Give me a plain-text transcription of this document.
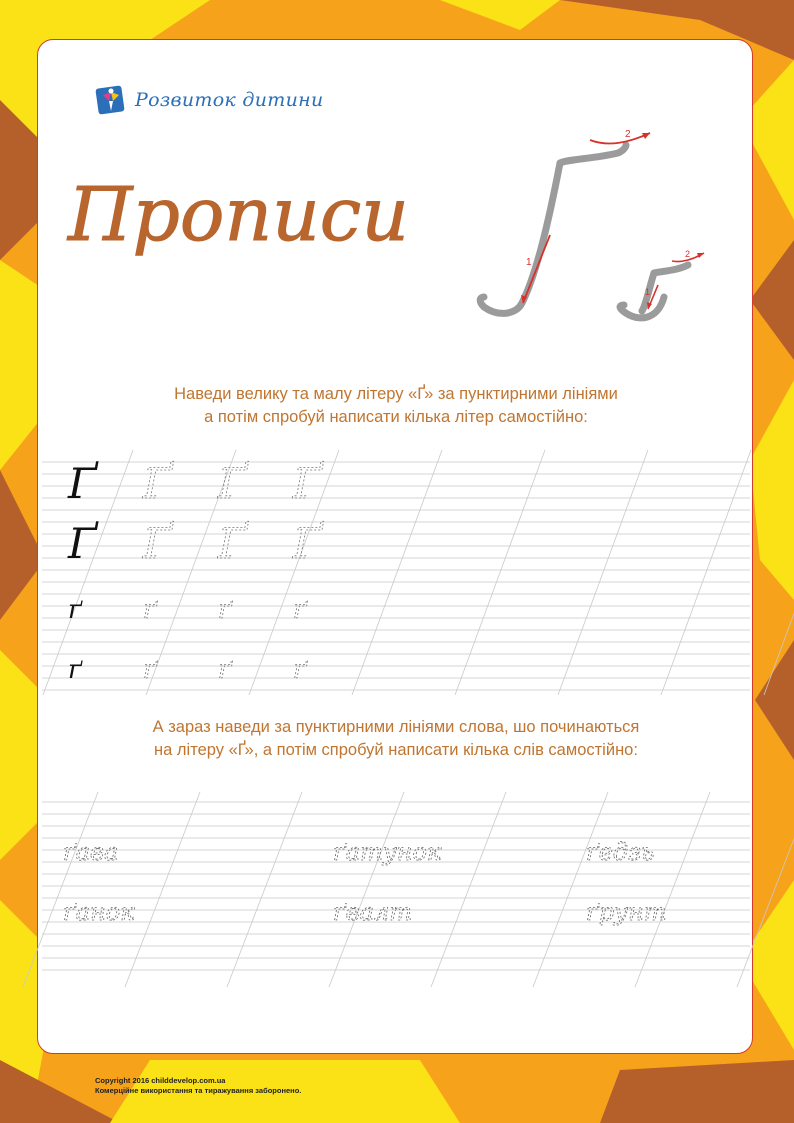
Розвиток дитини
Прописи
1
2
1
2
Наведи велику та малу літеру «Ґ» за пунктирними лініями
а потім спробуй написати кілька літер самостійно:
Ґ Ґ Ґ Ґ
Ґ Ґ Ґ Ґ
ґ ґ ґ ґ
ґ ґ ґ ґ
А зараз наведи за пунктирними лініями слова, шо починаються
на літеру «Ґ», а потім спробуй написати кілька слів самостійно:
ґава	ґатунок	ґедзь
ґанок	ґвалт	ґрунт
Copyright 2016 childdevelop.com.ua
Комерційне використання та тиражування заборонено.
